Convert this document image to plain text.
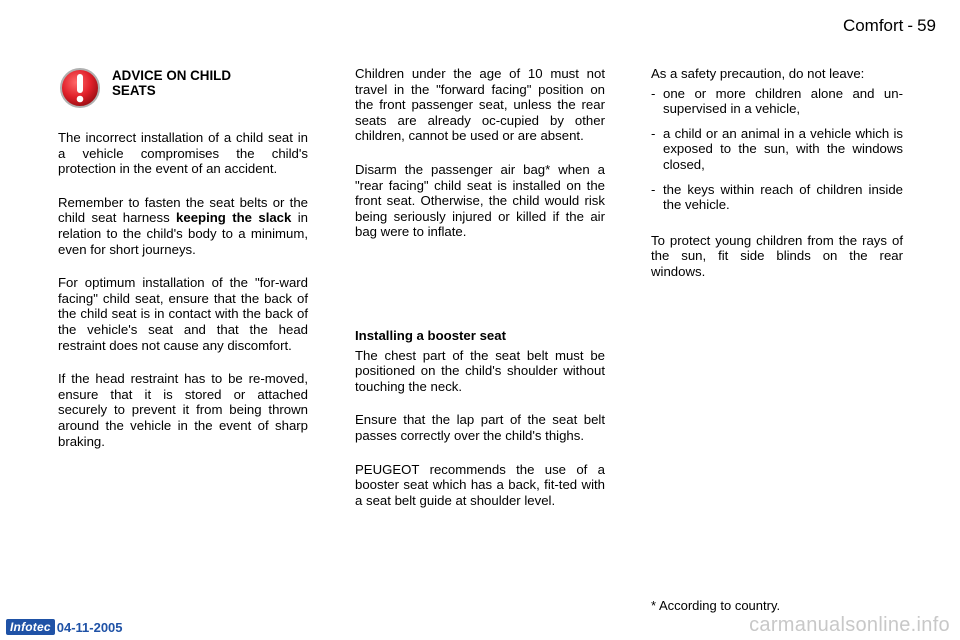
Comfort - 59
ADVICE ON CHILD
SEATS

The incorrect installation of a child seat in a vehicle compromises the child's protection in the event of an accident.

Remember to fasten the seat belts or the child seat harness keeping the slack in relation to the child's body to a minimum, even for short journeys.

For optimum installation of the "for-ward facing" child seat, ensure that the back of the child seat is in contact with the back of the vehicle's seat and that the head restraint does not cause any discomfort.

If the head restraint has to be re-moved, ensure that it is stored or attached securely to prevent it from being thrown around the vehicle in the event of sharp braking.

Children under the age of 10 must not travel in the "forward facing" position on the front passenger seat, unless the rear seats are already oc-cupied by other children, cannot be used or are absent.

Disarm the passenger air bag* when a "rear facing" child seat is installed on the front seat. Otherwise, the child would risk being seriously injured or killed if the air bag were to inflate.

Installing a booster seat

The chest part of the seat belt must be positioned on the child's shoulder without touching the neck.

Ensure that the lap part of the seat belt passes correctly over the child's thighs.

PEUGEOT recommends the use of a booster seat which has a back, fit-ted with a seat belt guide at shoulder level.

As a safety precaution, do not leave:
- one or more children alone and un-supervised in a vehicle,
- a child or an animal in a vehicle which is exposed to the sun, with the windows closed,
- the keys within reach of children inside the vehicle.

To protect young children from the rays of the sun, fit side blinds on the rear windows.

* According to country.
Infotec 04-11-2005	carmanualsonline.info
